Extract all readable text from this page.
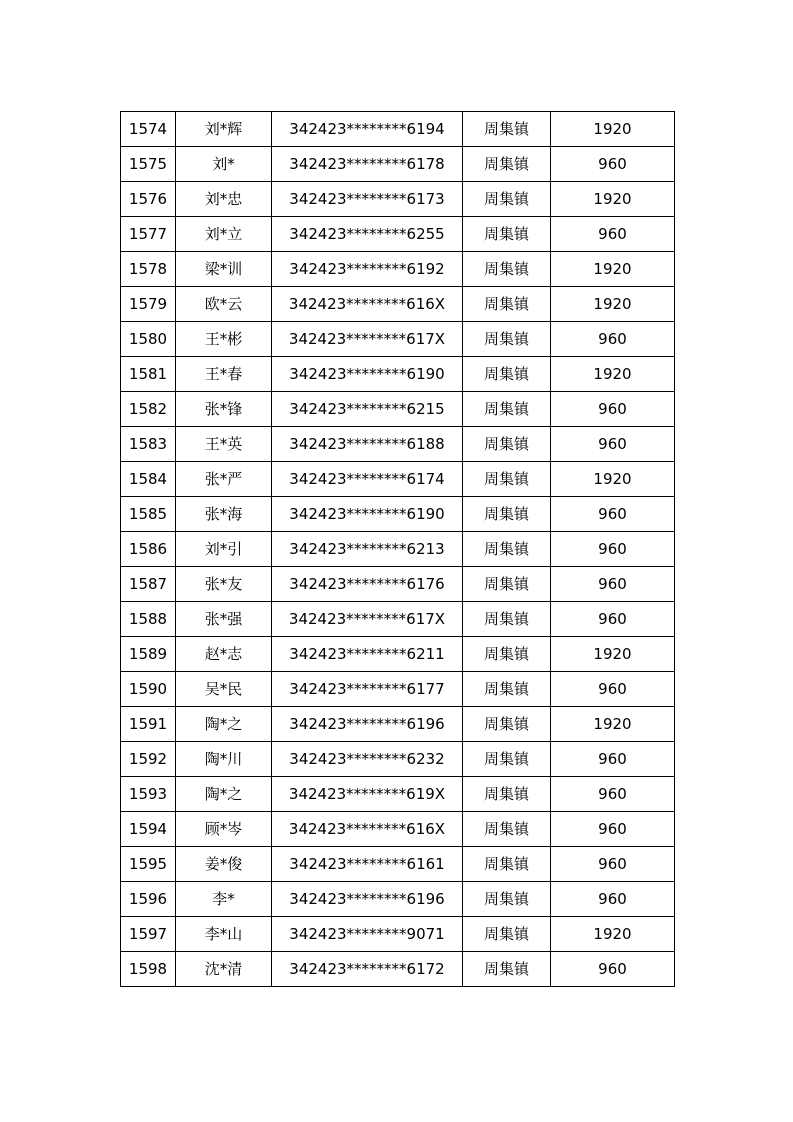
1574	刘*辉	342423********6194	周集镇	1920
1575	刘*	342423********6178	周集镇	960
1576	刘*忠	342423********6173	周集镇	1920
1577	刘*立	342423********6255	周集镇	960
1578	梁*训	342423********6192	周集镇	1920
1579	欧*云	342423********616X	周集镇	1920
1580	王*彬	342423********617X	周集镇	960
1581	王*春	342423********6190	周集镇	1920
1582	张*锋	342423********6215	周集镇	960
1583	王*英	342423********6188	周集镇	960
1584	张*严	342423********6174	周集镇	1920
1585	张*海	342423********6190	周集镇	960
1586	刘*引	342423********6213	周集镇	960
1587	张*友	342423********6176	周集镇	960
1588	张*强	342423********617X	周集镇	960
1589	赵*志	342423********6211	周集镇	1920
1590	吴*民	342423********6177	周集镇	960
1591	陶*之	342423********6196	周集镇	1920
1592	陶*川	342423********6232	周集镇	960
1593	陶*之	342423********619X	周集镇	960
1594	顾*岑	342423********616X	周集镇	960
1595	姜*俊	342423********6161	周集镇	960
1596	李*	342423********6196	周集镇	960
1597	李*山	342423********9071	周集镇	1920
1598	沈*清	342423********6172	周集镇	960
